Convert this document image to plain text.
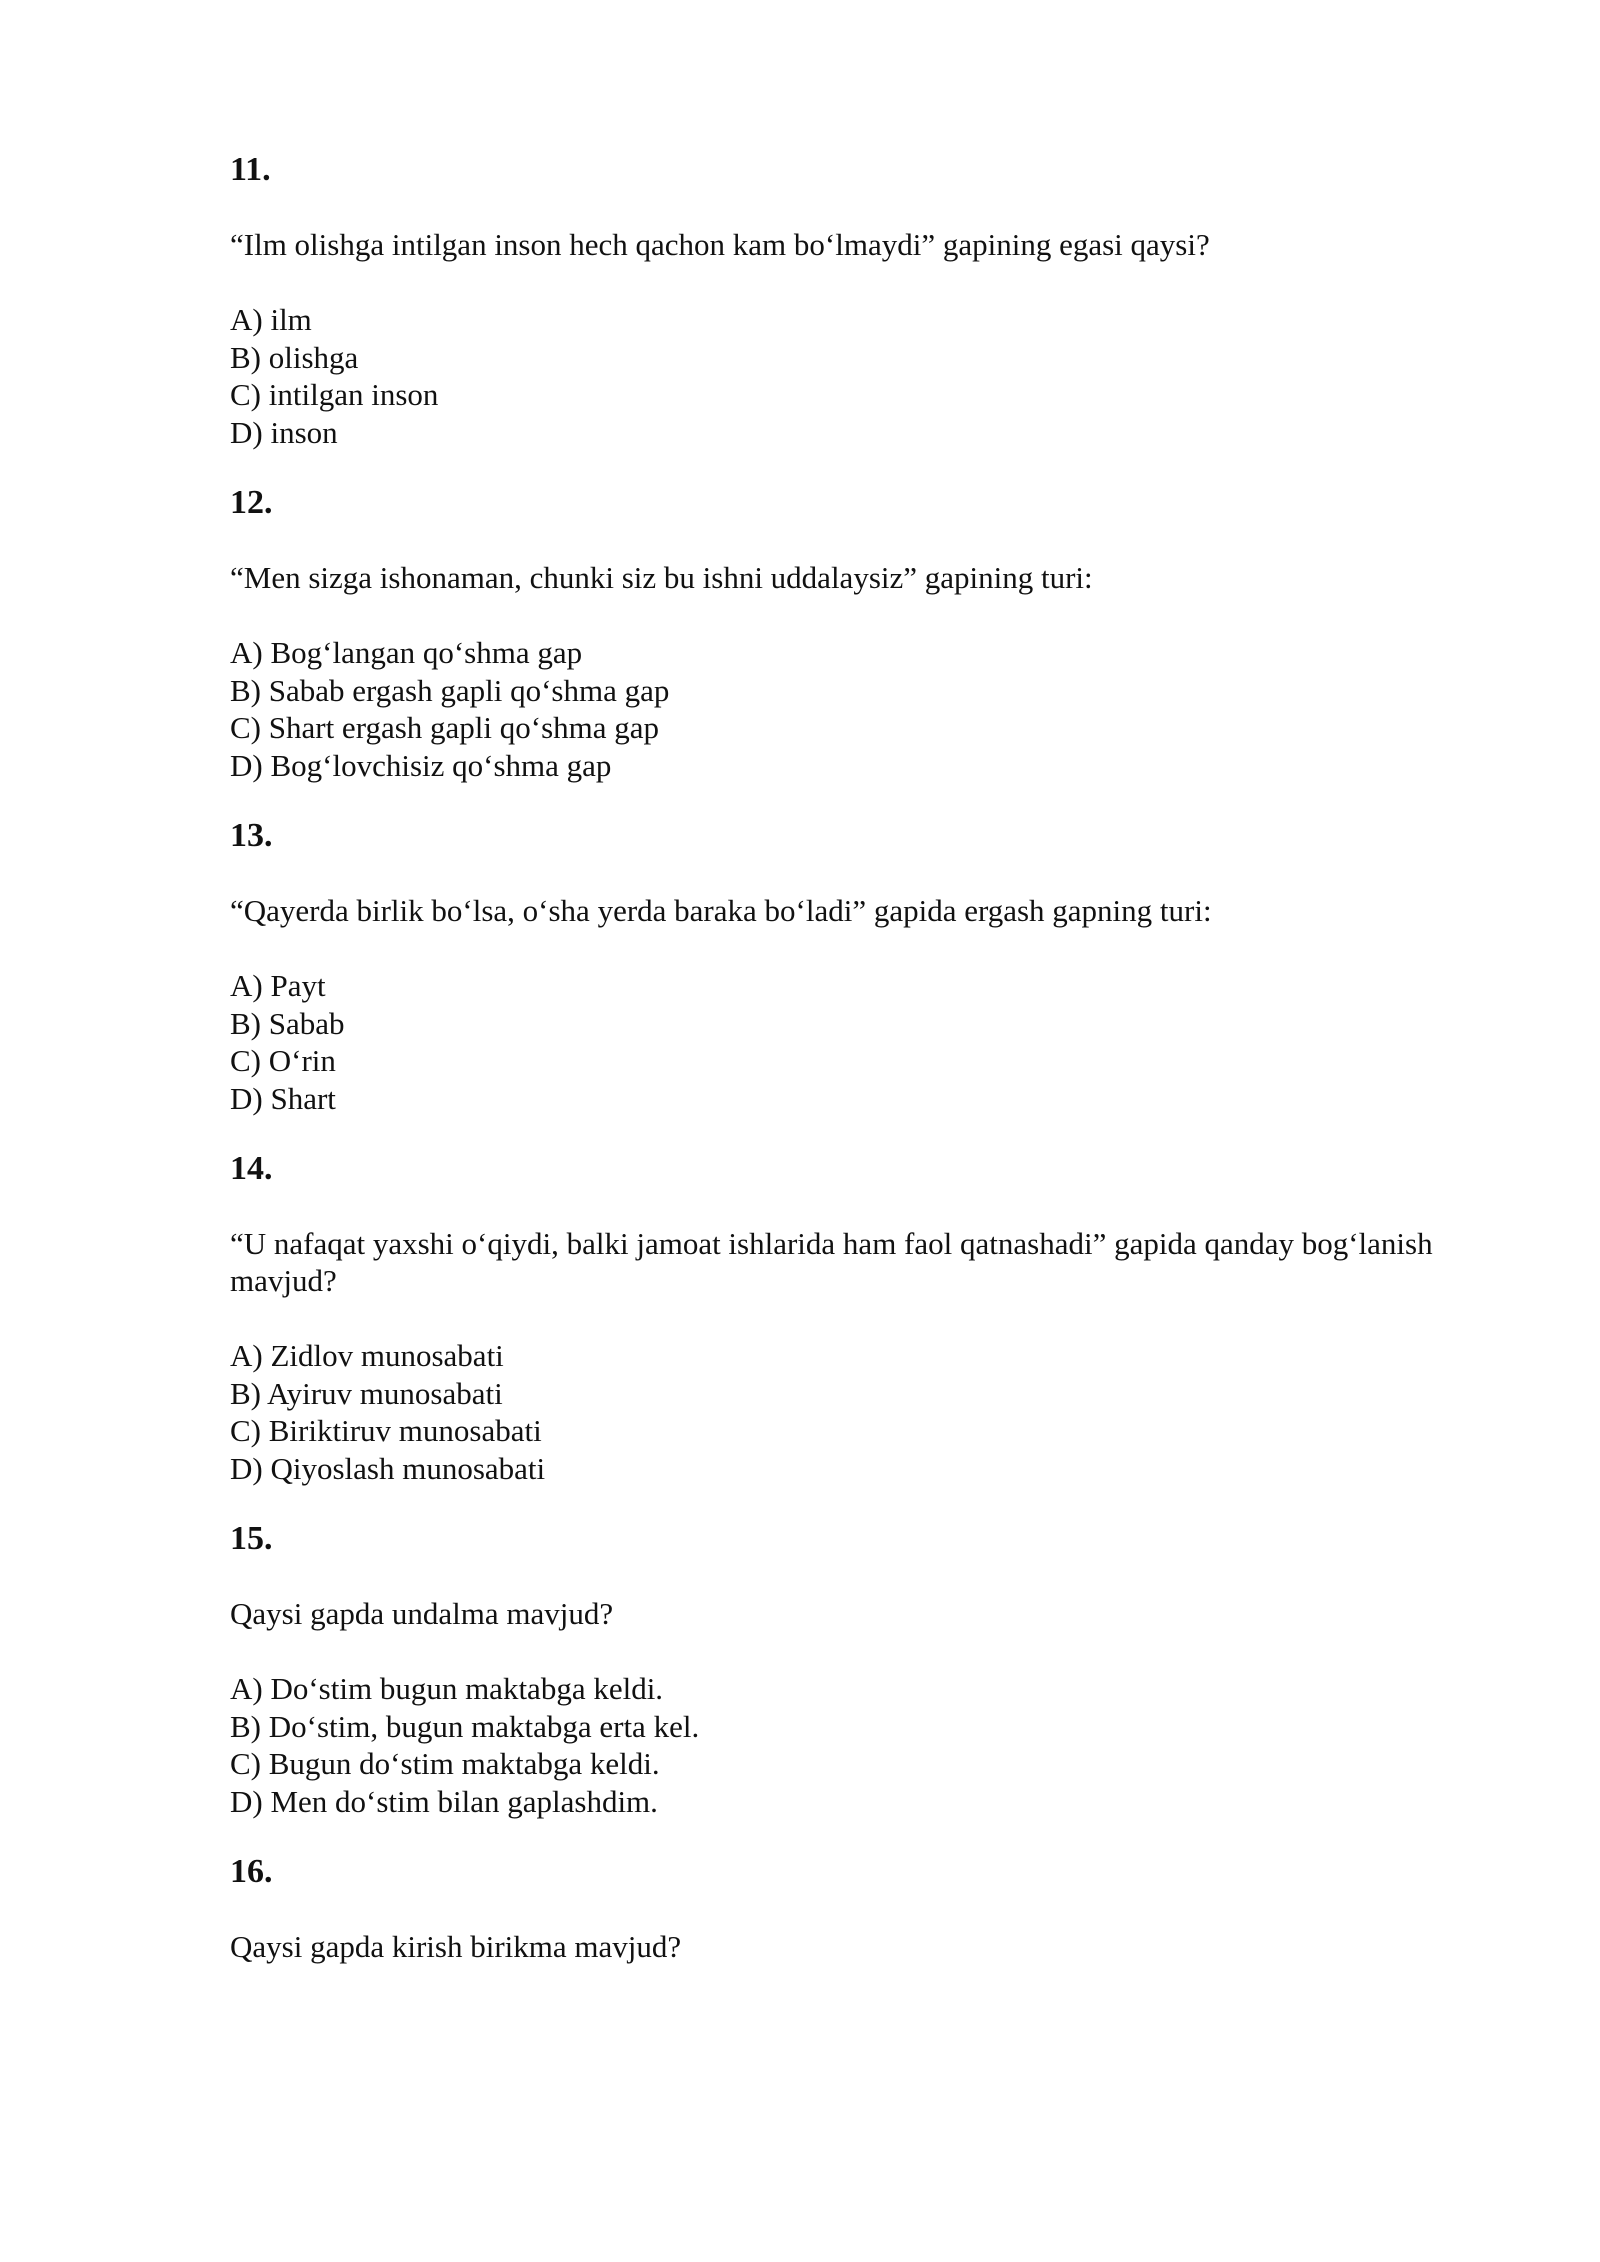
11.
“Ilm olishga intilgan inson hech qachon kam bo‘lmaydi” gapining egasi qaysi?
A) ilm
B) olishga
C) intilgan inson
D) inson
12.
“Men sizga ishonaman, chunki siz bu ishni uddalaysiz” gapining turi:
A) Bog‘langan qo‘shma gap
B) Sabab ergash gapli qo‘shma gap
C) Shart ergash gapli qo‘shma gap
D) Bog‘lovchisiz qo‘shma gap
13.
“Qayerda birlik bo‘lsa, o‘sha yerda baraka bo‘ladi” gapida ergash gapning turi:
A) Payt
B) Sabab
C) O‘rin
D) Shart
14.
“U nafaqat yaxshi o‘qiydi, balki jamoat ishlarida ham faol qatnashadi” gapida qanday bog‘lanish mavjud?
A) Zidlov munosabati
B) Ayiruv munosabati
C) Biriktiruv munosabati
D) Qiyoslash munosabati
15.
Qaysi gapda undalma mavjud?
A) Do‘stim bugun maktabga keldi.
B) Do‘stim, bugun maktabga erta kel.
C) Bugun do‘stim maktabga keldi.
D) Men do‘stim bilan gaplashdim.
16.
Qaysi gapda kirish birikma mavjud?
